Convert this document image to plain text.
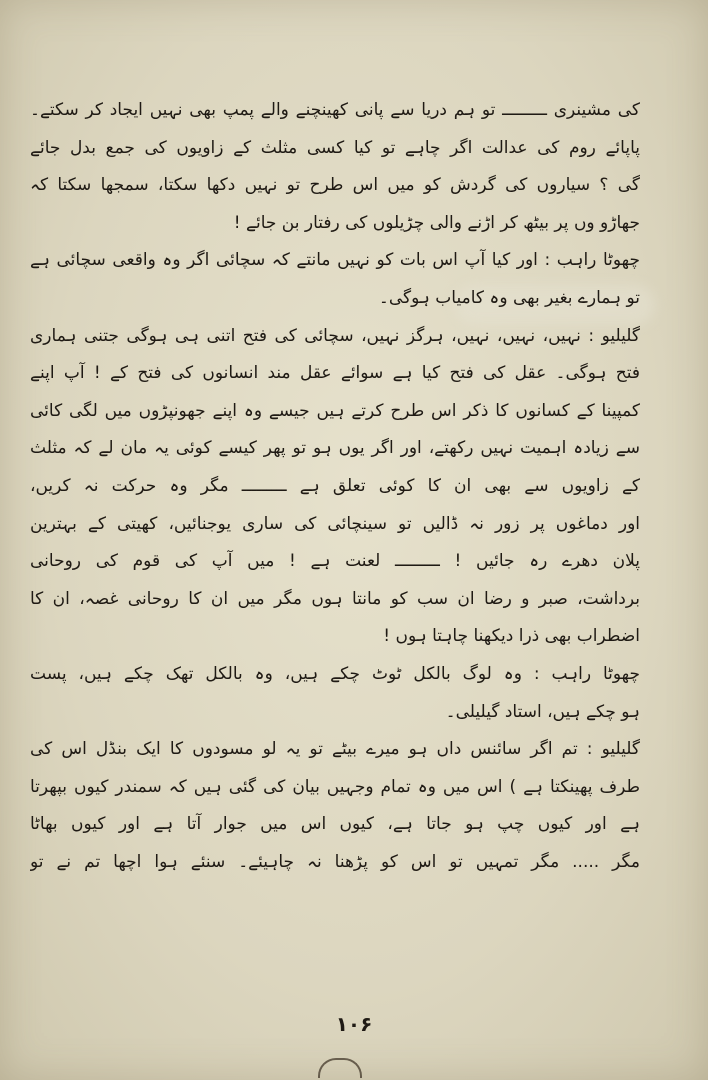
کی مشینری ـــــــــ تو ہم دریا سے پانی کھینچنے والے پمپ بھی نہیں ایجاد کر سکتے۔
پاپائے روم کی عدالت اگر چاہے تو کیا کسی مثلث کے زاویوں کی جمع بدل جائے
گی ؟ سیاروں کی گردش کو میں اس طرح تو نہیں دکھا سکتا، سمجھا سکتا کہ
جھاڑو وں پر بیٹھ کر اڑنے والی چڑیلوں کی رفتار بن جائے !
چھوٹا راہب : اور کیا آپ اس بات کو نہیں مانتے کہ سچائی اگر وہ واقعی سچائی ہے
تو ہمارے بغیر بھی وہ کامیاب ہوگی۔
گلیلیو : نہیں، نہیں، نہیں، ہرگز نہیں، سچائی کی فتح اتنی ہی ہوگی جتنی ہماری
فتح ہوگی۔ عقل کی فتح کیا ہے سوائے عقل مند انسانوں کی فتح کے ! آپ اپنے
کمپینا کے کسانوں کا ذکر اس طرح کرتے ہیں جیسے وہ اپنے جھونپڑوں میں لگی کائی
سے زیادہ اہمیت نہیں رکھتے، اور اگر یوں ہو تو پھر کیسے کوئی یہ مان لے کہ مثلث
کے زاویوں سے بھی ان کا کوئی تعلق ہے ـــــــــ مگر وہ حرکت نہ کریں،
اور دماغوں پر زور نہ ڈالیں تو سینچائی کی ساری یوجنائیں، کھیتی کے بہترین
پلان دھرے رہ جائیں ! ـــــــــ لعنت ہے ! میں آپ کی قوم کی روحانی
برداشت، صبر و رضا ان سب کو مانتا ہوں مگر میں ان کا روحانی غصہ، ان کا
اضطراب بھی ذرا دیکھنا چاہتا ہوں !
چھوٹا راہب : وہ لوگ بالکل ٹوٹ چکے ہیں، وہ بالکل تھک چکے ہیں، پست
ہو چکے ہیں، استاد گیلیلی۔
گلیلیو : تم اگر سائنس داں ہو میرے بیٹے تو یہ لو مسودوں کا ایک بنڈل اس کی
طرف پھینکتا ہے ) اس میں وہ تمام وجہیں بیان کی گئی ہیں کہ سمندر کیوں بپھرتا
ہے اور کیوں چپ ہو جاتا ہے، کیوں اس میں جوار آتا ہے اور کیوں بھاٹا
مگر ..... مگر تمہیں تو اس کو پڑھنا نہ چاہیئے۔ سنئے ہوا اچھا تم نے تو
۱۰۶
